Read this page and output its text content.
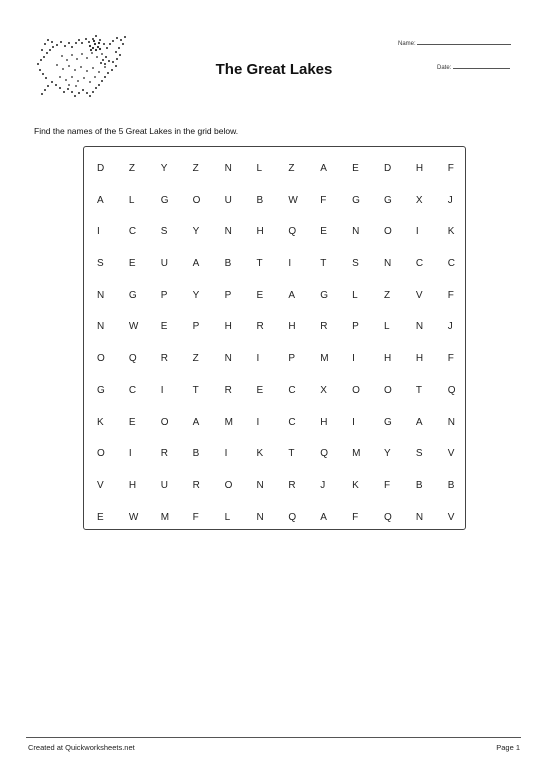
The Great Lakes
Name:
Date:
Find the names of the 5 Great Lakes in the grid below.
D	Z	Y	Z	N	L	Z	A	E	D	H	F
A	L	G	O	U	B	W	F	G	G	X	J
I	C	S	Y	N	H	Q	E	N	O	I	K
S	E	U	A	B	T	I	T	S	N	C	C
N	G	P	Y	P	E	A	G	L	Z	V	F
N	W	E	P	H	R	H	R	P	L	N	J
O	Q	R	Z	N	I	P	M	I	H	H	F
G	C	I	T	R	E	C	X	O	O	T	Q
K	E	O	A	M	I	C	H	I	G	A	N
O	I	R	B	I	K	T	Q	M	Y	S	V
V	H	U	R	O	N	R	J	K	F	B	B
E	W	M	F	L	N	Q	A	F	Q	N	V
Created at Quickworksheets.net	Page 1
